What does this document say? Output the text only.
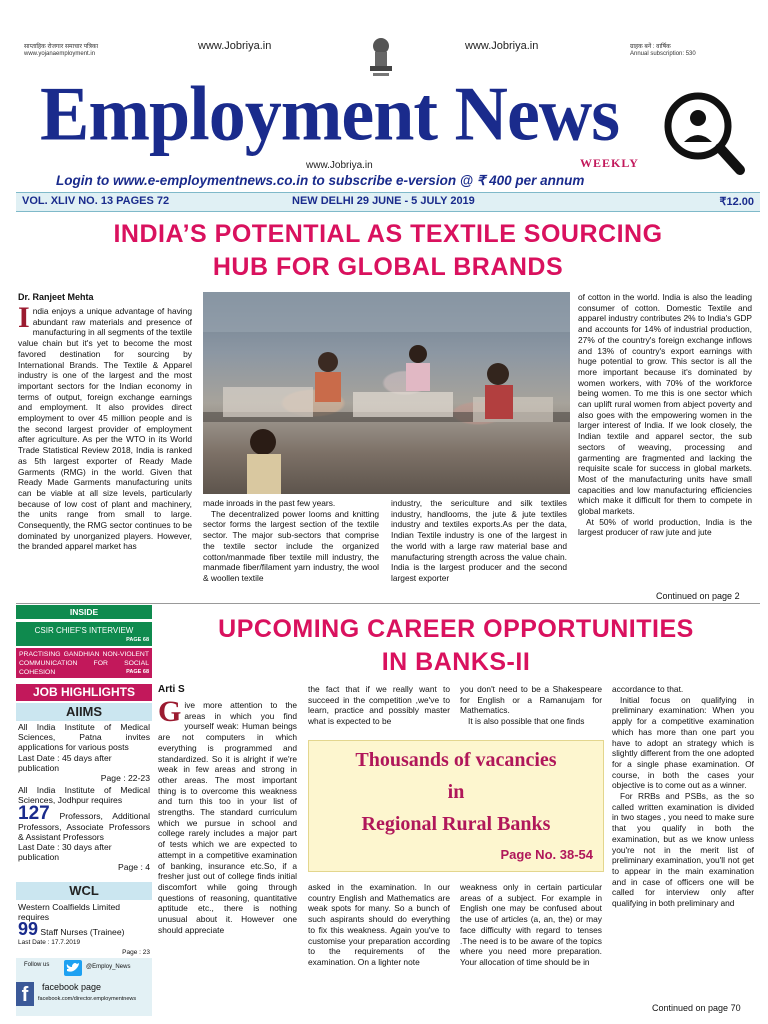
साप्ताहिक रोजगार समाचार पत्रिका
www.yojanaemployment.in
www.Jobriya.in	www.Jobriya.in	ग्राहक बनें : वार्षिक
Annual subscription: 530
Employment News
WEEKLY
www.Jobriya.in
Login to www.e-employmentnews.co.in to subscribe e-version @ ₹ 400 per annum
VOL. XLIV NO. 13 PAGES 72	NEW DELHI 29 JUNE - 5 JULY 2019	₹12.00
INDIA’S POTENTIAL AS TEXTILE SOURCING
HUB FOR GLOBAL BRANDS
Dr. Ranjeet Mehta
India enjoys a unique advantage of having abundant raw materials and presence of manufacturing in all segments of the textile value chain but it's yet to become the most favored destination for sourcing by International Brands. The Textile & Apparel industry is one of the largest and the most important sectors for the Indian economy in terms of output, foreign exchange earnings and employment. It also provides direct employment to over 45 million people and is the second largest provider of employment after agriculture. As per the WTO in its World Trade Statistical Review 2018, India is ranked as 5th largest exporter of Ready Made Garments (RMG) in the world. Given that Ready Made Garments manufacturing units can be viable at all size levels, particularly because of low cost of plant and machinery, the units range from small to large. Consequently, the RMG sector continues to be dominated by unorganized players. However, the branded apparel market has

made inroads in the past few years.

The decentralized power looms and knitting sector forms the largest section of the textile sector. The major sub-sectors that comprise the textile sector include the organized cotton/manmade fiber textile mill industry, the manmade fiber/filament yarn industry, the wool & woollen textile

industry, the sericulture and silk textiles industry, handlooms, the jute & jute textiles industry and textiles exports.As per the data, Indian Textile industry is one of the largest in the world with a large raw material base and manufacturing strength across the value chain. India is the largest producer and the second largest exporter

of cotton in the world. India is also the leading consumer of cotton. Domestic Textile and apparel industry contributes 2% to India's GDP and accounts for 14% of industrial production, 27% of the country's foreign exchange inflows and 13% of country's export earnings with huge potential to grow. This sector is all the more important because it's dominated by women workers, with 70% of the workforce being women. To me this is one sector which can uplift rural women from abject poverty and also goes with the empowering women in the larger interest of India. If we look closely, the Indian textile and apparel sector, the sub sectors of weaving, processing and garmenting are fragmented and lacking the requisite scale for success in global markets. Most of the manufacturing units have small capacities and low manufacturing efficiencies which make it difficult for them to compete in global markets.

At 50% of world production, India is the largest producer of raw jute and jute

Continued on page 2
INSIDE
CSIR CHIEF'S INTERVIEW
PAGE 68
PRACTISING GANDHIAN NON-VIOLENT COMMUNICATION FOR SOCIAL COHESION	PAGE 68
JOB HIGHLIGHTS
AIIMS
All India Institute of Medical Sciences, Patna invites applications for various posts
Last Date : 45 days after publication
Page : 22-23
All India Institute of Medical Sciences, Jodhpur requires
127 Professors, Additional Professors, Associate Professors & Assistant Professors
Last Date : 30 days after publication
Page : 4
WCL
Western Coalfields Limited requires
99 Staff Nurses (Trainee)
Last Date : 17.7.2019
Page : 23
Follow us	@Employ_News
f	facebook page
facebook.com/director.employmentnews
UPCOMING CAREER OPPORTUNITIES
IN BANKS-II
Arti S
Give more attention to the areas in which you find yourself weak: Human beings are not computers in which everything is programmed and standardized. So it is alright if we're weak in few areas and strong in other areas. The most important thing is to overcome this weakness and turn this too in your list of strengths. The standard curriculum which we pursue in school and college rarely includes a major part of tests which we are expected to attempt in a competitive examination of banking, insurance etc.So, if a fresher just out of college finds initial discomfort while going through questions of reasoning, quantitative aptitude etc., there is nothing unusual about it. However one should appreciate

the fact that if we really want to succeed in the competition ,we've to learn, practice and possibly master what is expected to be

you don't need to be a Shakespeare for English or a Ramanujam for Mathematics.

It is also possible that one finds

Thousands of vacancies
in
Regional Rural Banks
Page No. 38-54

asked in the examination. In our country English and Mathematics are weak spots for many. So a bunch of such aspirants should do everything to fix this weakness. Again you've to customise your preparation according to the requirements of the examination. On a lighter note

weakness only in certain particular areas of a subject. For example in English one may be confused about the use of articles (a, an, the) or may face difficulty with regard to tenses .The need is to be aware of the topics where you need more preparation. Your allocation of time should be in

accordance to that.

Initial focus on qualifying in preliminary examination: When you apply for a competitive examination which has more than one part you have to adopt an strategy which is slightly different from the one adopted for a single phase examination. Of course, in both the cases your objective is to come out as a winner.

For RRBs and PSBs, as the so called written examination is divided in two stages , you need to make sure that you qualify in both the examination, but as we know unless you're not in the merit list of preliminary examination, you'll not get to appear in the main examination and in case of officers one will be called for interview only after qualifying in both preliminary and

Continued on page 70
